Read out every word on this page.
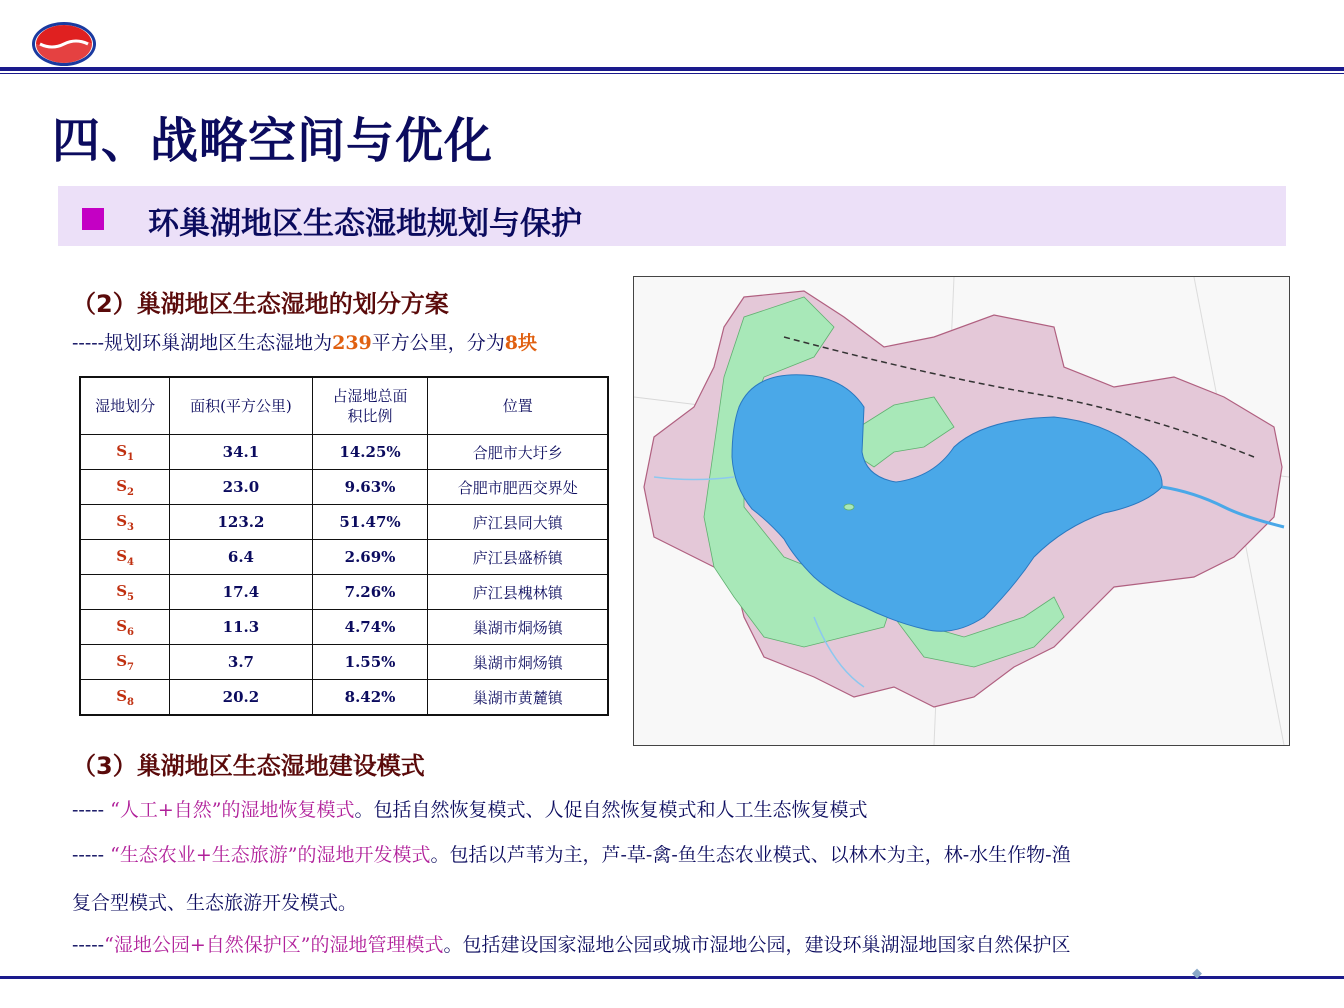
四、战略空间与优化
环巢湖地区生态湿地规划与保护
（2）巢湖地区生态湿地的划分方案
-----规划环巢湖地区生态湿地为239平方公里，分为8块
湿地划分	面积(平方公里)	占湿地总面积比例	位置
$S_1$	34.1	14.25%	合肥市大圩乡
$S_2$	23.0	9.63%	合肥市肥西交界处
$S_3$	123.2	51.47%	庐江县同大镇
$S_4$	6.4	2.69%	庐江县盛桥镇
$S_5$	17.4	7.26%	庐江县槐林镇
$S_6$	11.3	4.74%	巢湖市烔炀镇
$S_7$	3.7	1.55%	巢湖市烔炀镇
$S_8$	20.2	8.42%	巢湖市黄麓镇
（3）巢湖地区生态湿地建设模式
----- “人工+自然”的湿地恢复模式。包括自然恢复模式、人促自然恢复模式和人工生态恢复模式
----- “生态农业+生态旅游”的湿地开发模式。包括以芦苇为主，芦-草-禽-鱼生态农业模式、以林木为主，林-水生作物-渔
复合型模式、生态旅游开发模式。
-----“湿地公园+自然保护区”的湿地管理模式。包括建设国家湿地公园或城市湿地公园，建设环巢湖湿地国家自然保护区
◆
